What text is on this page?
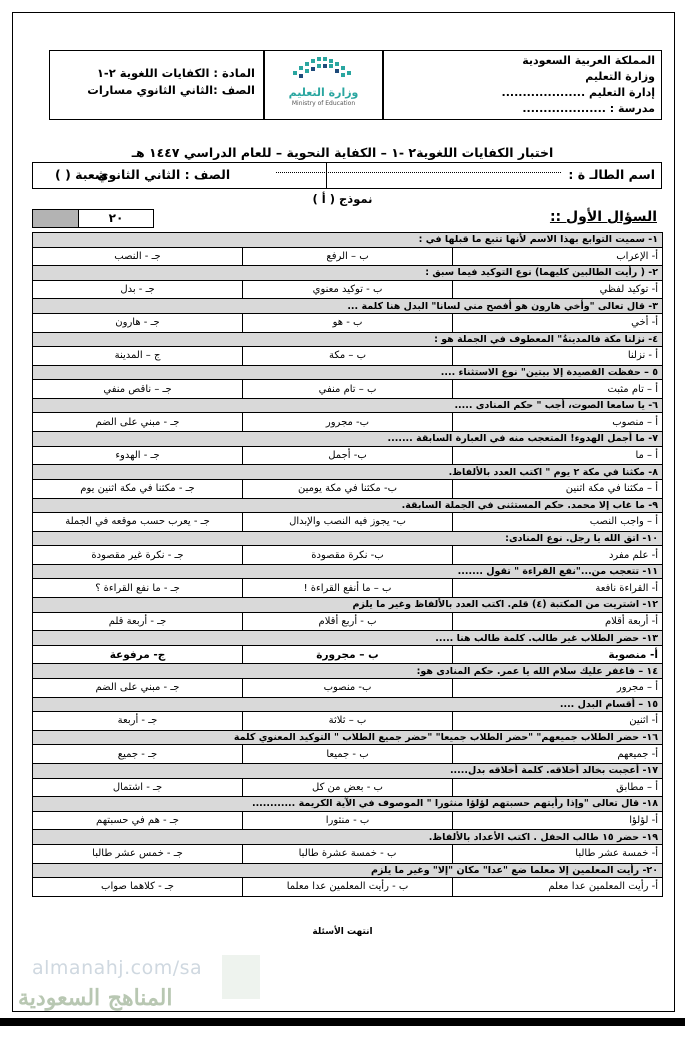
المملكة العربية السعودية
وزارة التعليم
إدارة التعليم ....................
مدرسة : ....................
وزارة التعليم
Ministry of Education
المادة : الكفايات اللغوية ٢-١
الصف :الثاني الثانوي مسارات
اختبار الكفايات اللغوية٢ -١ – الكفاية النحوية – للعام الدراسي ١٤٤٧ هـ
اسم الطالـ ة :
الصف : الثاني الثانوي
شعبة ( )
نموذج ( أ )
٢٠	السؤال الأول ::
١- سميت التوابع بهذا الاسم لأنها تتبع ما قبلها في :		
أ- الإعراب	ب – الرفع	جـ - النصب
٢- ( رأيت الطالبين كليهما) نوع التوكيد فيما سبق :		
أ- توكيد لفظي	ب - توكيد معنوي	جـ - بدل
٣- قال تعالى "وأخي هارون هو أفصح مني لسانا" البدل هنا كلمة ...		
أ- أخي	ب - هو	جـ - هارون
٤- نزلنا مكة فالمدينةُ" المعطوف في الجملة هو :		
أ - نزلنا	ب – مكة	ج – المدينة
٥ – حفظت القصيدة إلا بيتين" نوع الاستثناء ....		
أ – تام مثبت	ب – تام منفي	جـ – ناقص منفي
٦- يا سامعا الصوت، أجب " حكم المنادى .....		
أ – منصوب	ب- مجرور	جـ - مبني على الضم
٧- ما أجمل الهدوء! المتعجب منه في العبارة السابقة .......		
أ – ما	ب- أجمل	جـ - الهدوء
٨- مكثنا في مكة ٢ يوم " اكتب العدد بالألفاظ.		
أ – مكثنا في مكة اثنين	ب- مكثنا في مكة يومين	جـ - مكثنا في مكة اثنين يوم
٩- ما غاب إلا محمد. حكم المستثنى في الجملة السابقة.		
أ – واجب النصب	ب- يجوز فيه النصب والإبدال	جـ - يعرب حسب موقعه في الجملة
١٠- اتق الله يا رجل. نوع المنادى:		
أ- علم مفرد	ب- نكرة مقصودة	جـ - نكرة غير مقصودة
١١- تتعجب من..."نفع القراءة " تقول .......		
أ- القراءة نافعة	ب – ما أنفع القراءة !	جـ - ما نفع القراءة ؟
١٢- اشتريت من المكتبة (٤) قلم. اكتب العدد بالألفاظ وغير ما يلزم		
أ- أربعة أقلام	ب - أربع أقلام	جـ - أربعة قلم
١٣- حضر الطلاب غير طالب. كلمة طالب هنا .....		
أ- منصوبة	ب – مجرورة	ج- مرفوعة
١٤ – فاغفر عليك سلام الله يا عمر. حكم المنادى هو:		
أ – مجرور	ب- منصوب	جـ - مبني على الضم
١٥ – أقسام البدل ....		
أ- اثنين	ب – ثلاثة	جـ - أربعة
١٦- حضر الطلاب جميعهم" "حضر الطلاب جميعا" "حضر جميع الطلاب " التوكيد المعنوي كلمة		
أ- جميعهم	ب - جميعا	جـ - جميع
١٧- أعجبت بخالد أخلاقه. كلمة أخلاقه بدل.....		
أ – مطابق	ب - بعض من كل	جـ - اشتمال
١٨- قال تعالى "وإذا رأيتهم حسبتهم لؤلؤا منثورا " الموصوف في الآية الكريمة ............		
أ- لؤلؤا	ب - منثورا	جـ - هم في حسبتهم
١٩- حضر ١٥ طالب الحفل . اكتب الأعداد بالألفاظ.		
أ- خمسة عشر طالبا	ب - خمسة عشرة طالبا	جـ - خمس عشر طالبا
٢٠- رأيت المعلمين إلا معلما ضع "عدا" مكان "إلا" وغير ما يلزم		
أ- رأيت المعلمين عدا معلم	ب - رأيت المعلمين عدا معلما	جـ - كلاهما صواب
انتهت الأسئلة
almanahj.com/sa
المناهج السعودية
